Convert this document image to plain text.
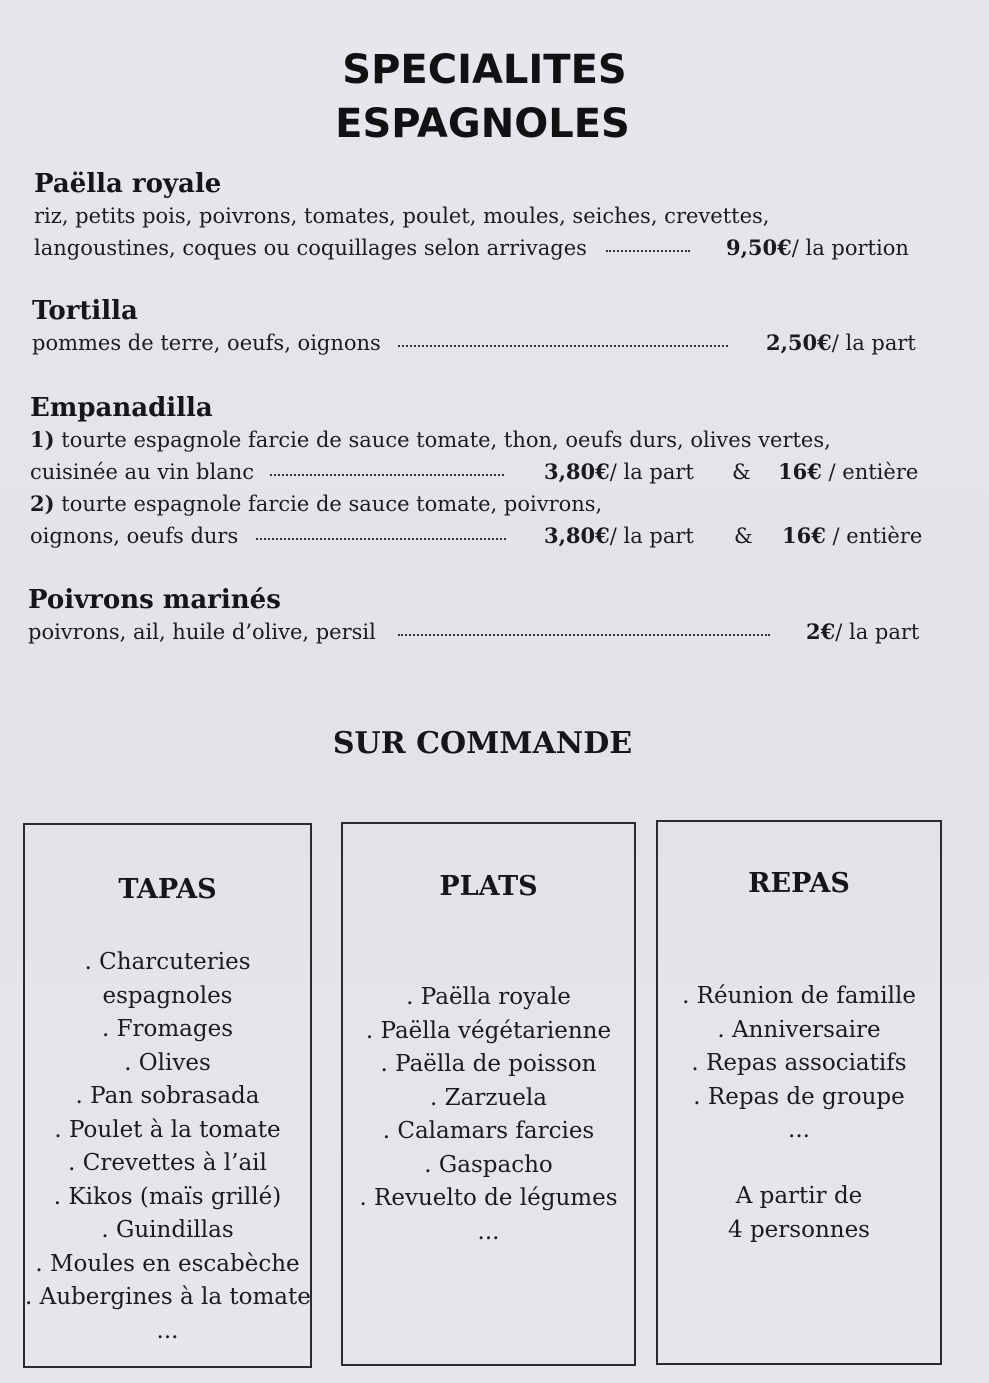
SPECIALITES
ESPAGNOLES

Paëlla royale

riz, petits pois, poivrons, tomates, poulet, moules, seiches, crevettes,
langoustines, coques ou coquillages selon arrivages	9,50€/ la portion

Tortilla

pommes de terre, oeufs, oignons	2,50€/ la part

Empanadilla

1) tourte espagnole farcie de sauce tomate, thon, oeufs durs, olives vertes,
cuisinée au vin blanc	3,80€/ la part & 16€ / entière
2) tourte espagnole farcie de sauce tomate, poivrons,
oignons, oeufs durs	3,80€/ la part & 16€ / entière

Poivrons marinés

poivrons, ail, huile d’olive, persil	2€/ la part
SUR COMMANDE

TAPAS

. Charcuteries
espagnoles
. Fromages
. Olives
. Pan sobrasada
. Poulet à la tomate
. Crevettes à l’ail
. Kikos (maïs grillé)
. Guindillas
. Moules en escabèche
. Aubergines à la tomate
...

PLATS

. Paëlla royale
. Paëlla végétarienne
. Paëlla de poisson
. Zarzuela
. Calamars farcies
. Gaspacho
. Revuelto de légumes
...

REPAS

. Réunion de famille
. Anniversaire
. Repas associatifs
. Repas de groupe
...
A partir de
4 personnes
